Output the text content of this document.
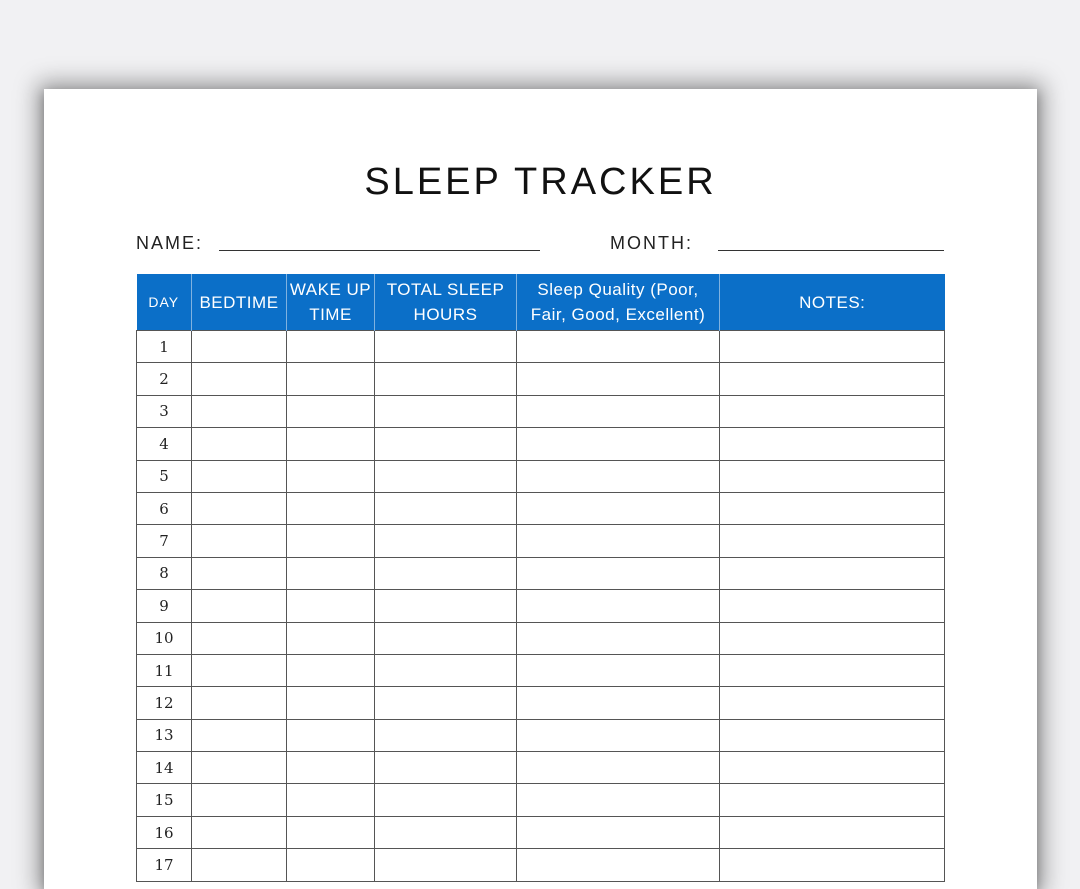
SLEEP TRACKER
NAME:	MONTH:
DAY	BEDTIME	WAKE UP TIME	TOTAL SLEEP HOURS	Sleep Quality (Poor, Fair, Good, Excellent)	NOTES:
1					
2					
3					
4					
5					
6					
7					
8					
9					
10					
11					
12					
13					
14					
15					
16					
17					
